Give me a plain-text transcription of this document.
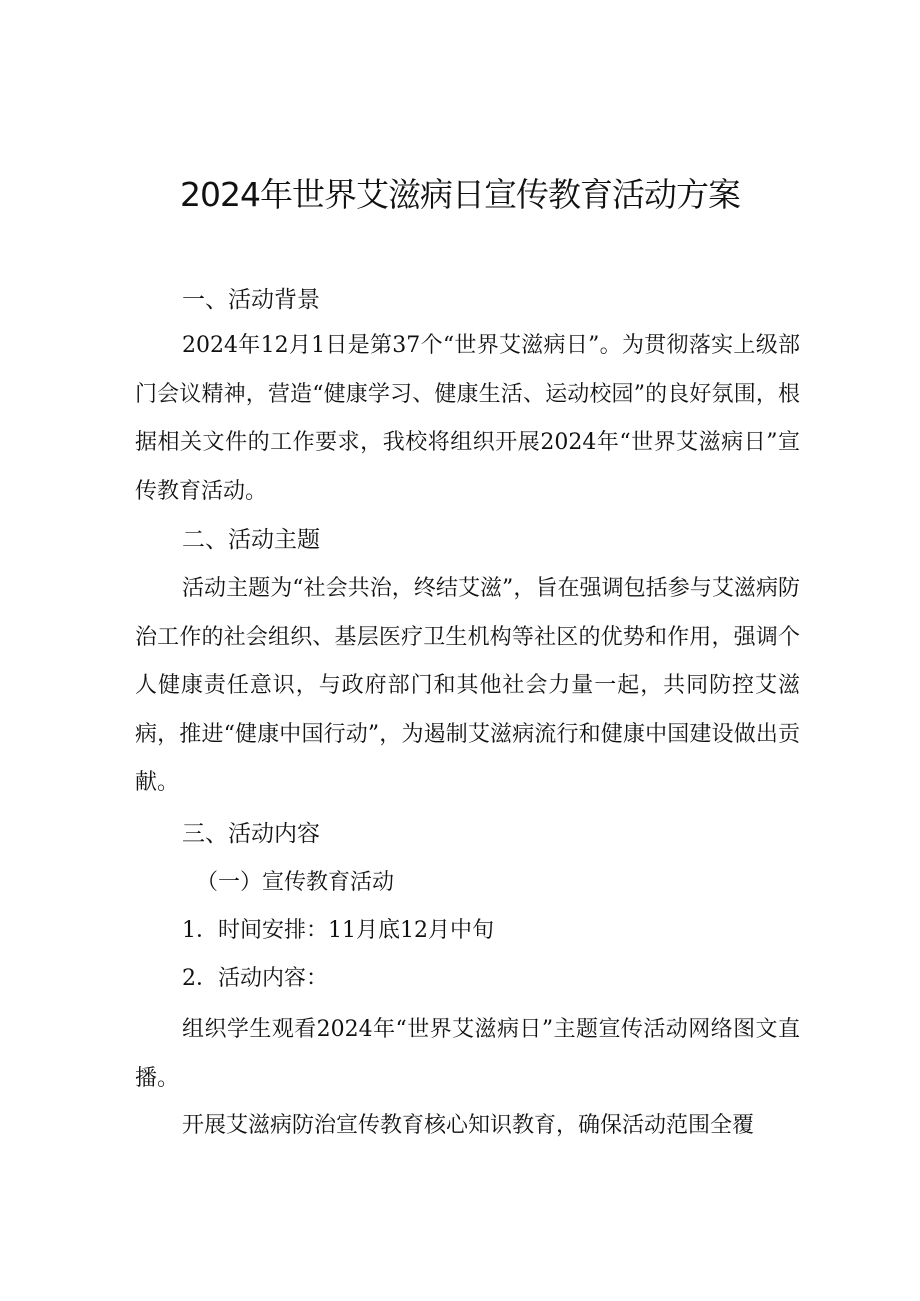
2024年世界艾滋病日宣传教育活动方案
一、活动背景

2024年12月1日是第37个“世界艾滋病日”。为贯彻落实上级部门会议精神，营造“健康学习、健康生活、运动校园”的良好氛围，根据相关文件的工作要求，我校将组织开展2024年“世界艾滋病日”宣传教育活动。

二、活动主题

活动主题为“社会共治，终结艾滋”，旨在强调包括参与艾滋病防治工作的社会组织、基层医疗卫生机构等社区的优势和作用，强调个人健康责任意识，与政府部门和其他社会力量一起，共同防控艾滋病，推进“健康中国行动”，为遏制艾滋病流行和健康中国建设做出贡献。

三、活动内容
（一）宣传教育活动
1．时间安排：11月底12月中旬
2．活动内容：

组织学生观看2024年“世界艾滋病日”主题宣传活动网络图文直播。

开展艾滋病防治宣传教育核心知识教育，确保活动范围全覆
